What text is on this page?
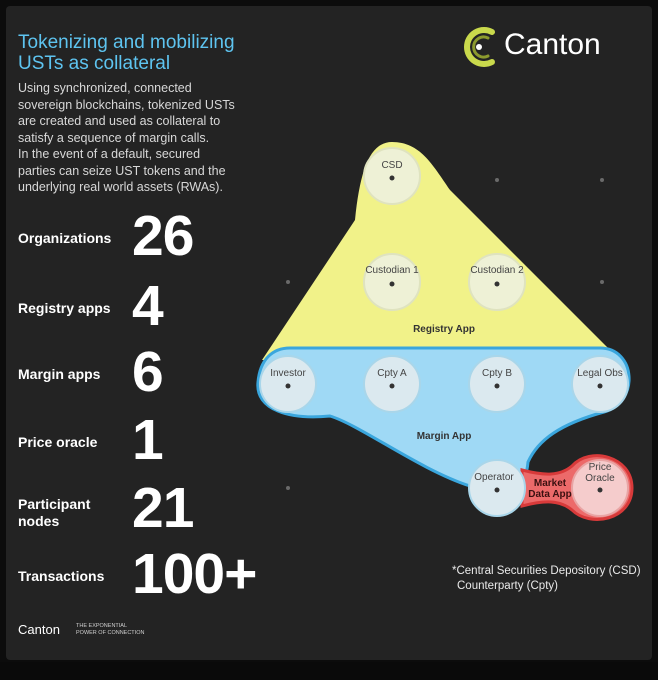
Tokenizing and mobilizing
USTs as collateral

Using synchronized, connected
sovereign blockchains, tokenized USTs
are created and used as collateral to
satisfy a sequence of margin calls.
In the event of a default, secured
parties can seize UST tokens and the
underlying real world assets (RWAs).

Canton
Organizations 26
Registry apps 4
Margin apps 6
Price oracle 1
Participant
nodes	21
Transactions 100+
CSD
Custodian 1	Custodian 2
Investor	Cpty A	Cpty B	Legal Obs
Operator
Price
Oracle
Registry App
Margin App
Market
Data App
*Central Securities Depository (CSD)
Counterparty (Cpty)
Canton	THE EXPONENTIAL
POWER OF CONNECTION
